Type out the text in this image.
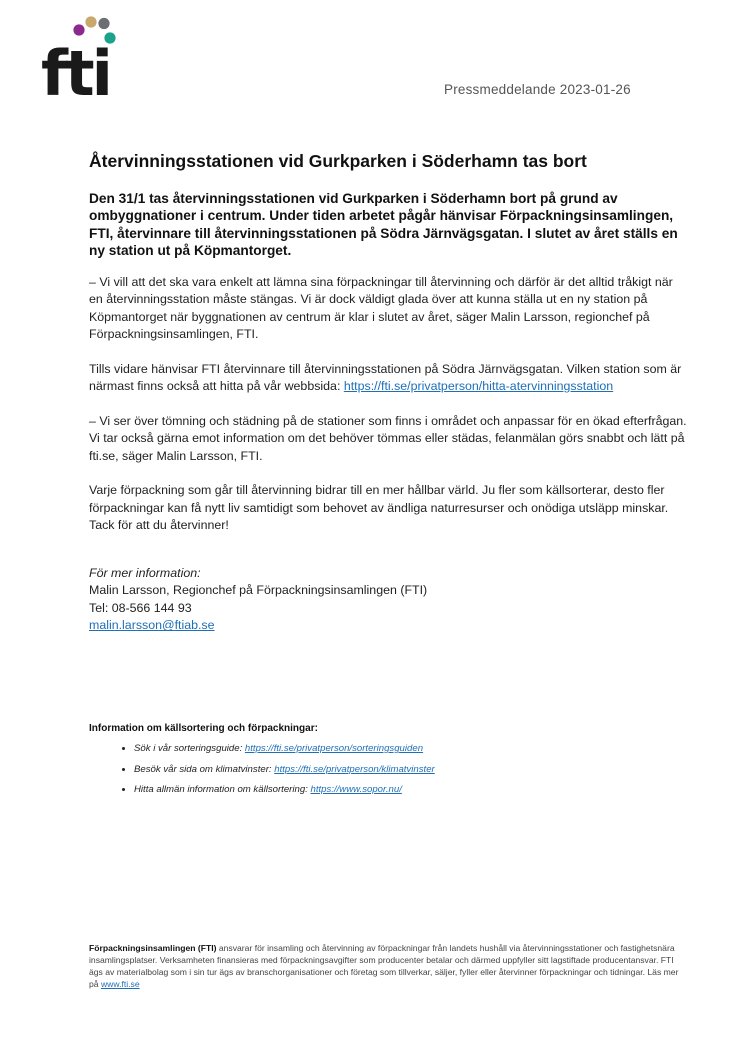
fti	Pressmeddelande 2023-01-26
Återvinningsstationen vid Gurkparken i Söderhamn tas bort

Den 31/1 tas återvinningsstationen vid Gurkparken i Söderhamn bort på grund av ombyggnationer i centrum. Under tiden arbetet pågår hänvisar Förpackningsinsamlingen, FTI, återvinnare till återvinningsstationen på Södra Järnvägsgatan. I slutet av året ställs en ny station ut på Köpmantorget.

– Vi vill att det ska vara enkelt att lämna sina förpackningar till återvinning och därför är det alltid tråkigt när en återvinningsstation måste stängas. Vi är dock väldigt glada över att kunna ställa ut en ny station på Köpmantorget när byggnationen av centrum är klar i slutet av året, säger Malin Larsson, regionchef på Förpackningsinsamlingen, FTI.

Tills vidare hänvisar FTI återvinnare till återvinningsstationen på Södra Järnvägsgatan. Vilken station som är närmast finns också att hitta på vår webbsida: https://fti.se/privatperson/hitta-atervinningsstation

– Vi ser över tömning och städning på de stationer som finns i området och anpassar för en ökad efterfrågan. Vi tar också gärna emot information om det behöver tömmas eller städas, felanmälan görs snabbt och lätt på fti.se, säger Malin Larsson, FTI.

Varje förpackning som går till återvinning bidrar till en mer hållbar värld. Ju fler som källsorterar, desto fler förpackningar kan få nytt liv samtidigt som behovet av ändliga naturresurser och onödiga utsläpp minskar. Tack för att du återvinner!

För mer information:
Malin Larsson, Regionchef på Förpackningsinsamlingen (FTI)
Tel: 08-566 144 93
malin.larsson@ftiab.se
Information om källsortering och förpackningar:
• Sök i vår sorteringsguide: https://fti.se/privatperson/sorteringsguiden
• Besök vår sida om klimatvinster: https://fti.se/privatperson/klimatvinster
• Hitta allmän information om källsortering: https://www.sopor.nu/
Förpackningsinsamlingen (FTI) ansvarar för insamling och återvinning av förpackningar från landets hushåll via återvinningsstationer och fastighetsnära insamlingsplatser. Verksamheten finansieras med förpackningsavgifter som producenter betalar och därmed uppfyller sitt lagstiftade producentansvar. FTI ägs av materialbolag som i sin tur ägs av branschorganisationer och företag som tillverkar, säljer, fyller eller återvinner förpackningar och tidningar. Läs mer på www.fti.se
